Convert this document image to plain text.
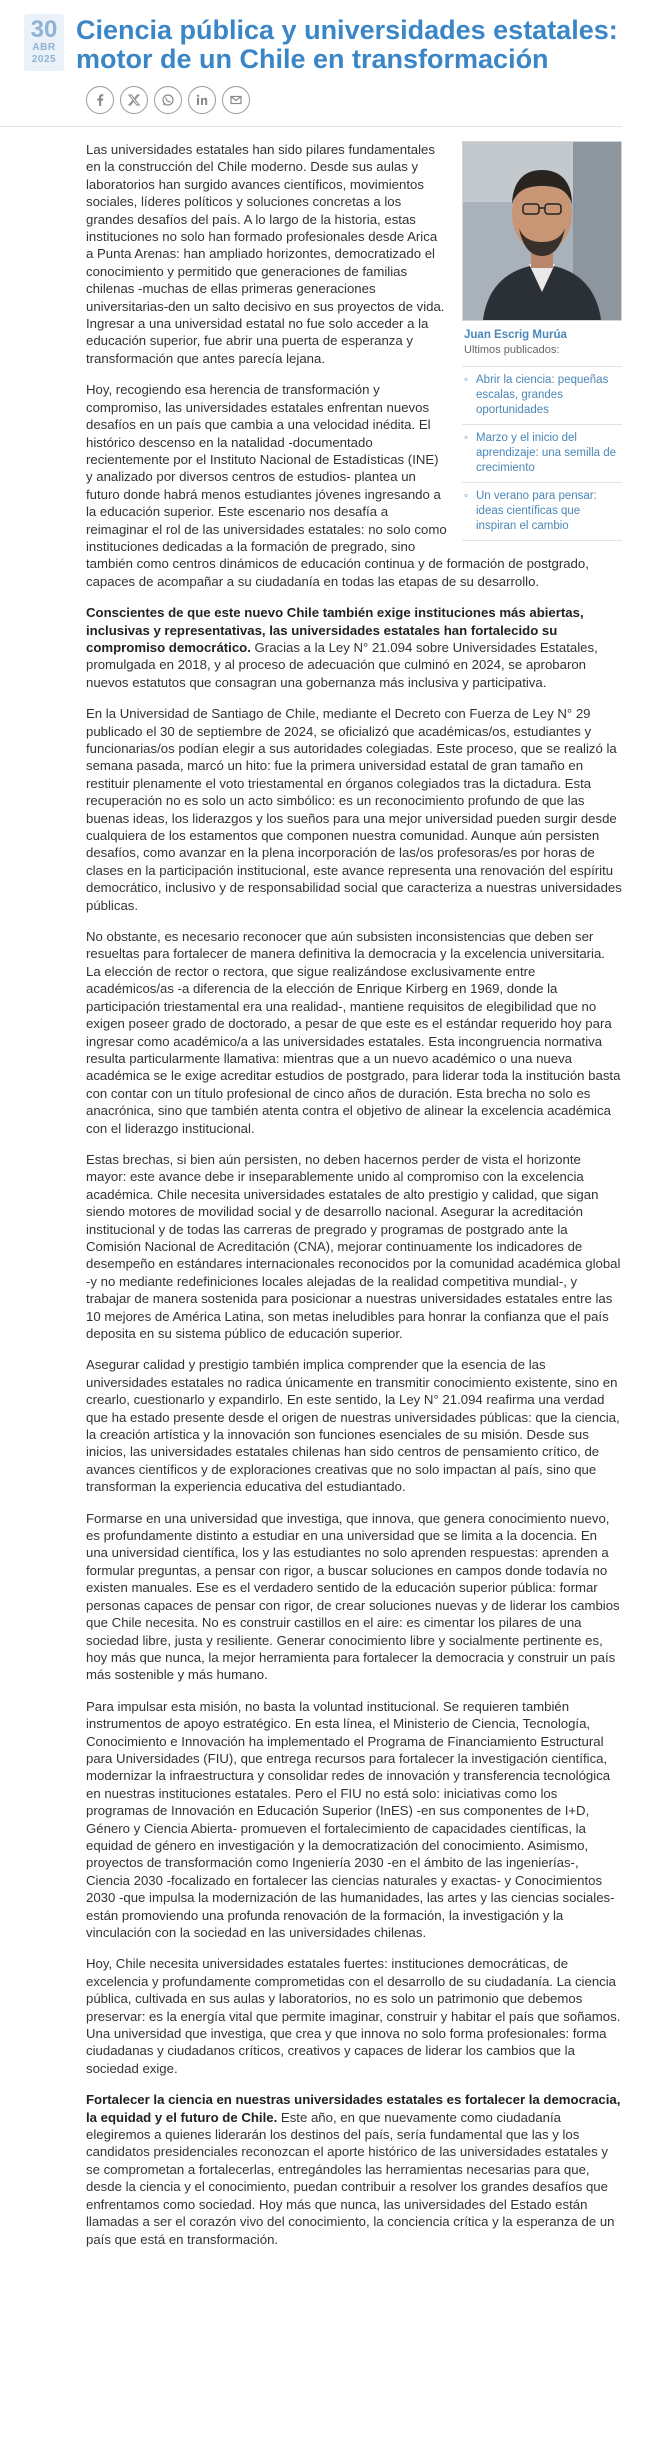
30
ABR
2025
Ciencia pública y universidades estatales: motor de un Chile en transformación
Juan Escrig Murúa
Ultimos publicados:
◦ Abrir la ciencia: pequeñas escalas, grandes oportunidades
◦ Marzo y el inicio del aprendizaje: una semilla de crecimiento
◦ Un verano para pensar: ideas científicas que inspiran el cambio

Las universidades estatales han sido pilares fundamentales en la construcción del Chile moderno. Desde sus aulas y laboratorios han surgido avances científicos, movimientos sociales, líderes políticos y soluciones concretas a los grandes desafíos del país. A lo largo de la historia, estas instituciones no solo han formado profesionales desde Arica a Punta Arenas: han ampliado horizontes, democratizado el conocimiento y permitido que generaciones de familias chilenas -muchas de ellas primeras generaciones universitarias-den un salto decisivo en sus proyectos de vida. Ingresar a una universidad estatal no fue solo acceder a la educación superior, fue abrir una puerta de esperanza y transformación que antes parecía lejana.

Hoy, recogiendo esa herencia de transformación y compromiso, las universidades estatales enfrentan nuevos desafíos en un país que cambia a una velocidad inédita. El histórico descenso en la natalidad -documentado recientemente por el Instituto Nacional de Estadísticas (INE) y analizado por diversos centros de estudios- plantea un futuro donde habrá menos estudiantes jóvenes ingresando a la educación superior. Este escenario nos desafía a reimaginar el rol de las universidades estatales: no solo como instituciones dedicadas a la formación de pregrado, sino también como centros dinámicos de educación continua y de formación de postgrado, capaces de acompañar a su ciudadanía en todas las etapas de su desarrollo.

Conscientes de que este nuevo Chile también exige instituciones más abiertas, inclusivas y representativas, las universidades estatales han fortalecido su compromiso democrático. Gracias a la Ley N° 21.094 sobre Universidades Estatales, promulgada en 2018, y al proceso de adecuación que culminó en 2024, se aprobaron nuevos estatutos que consagran una gobernanza más inclusiva y participativa.

En la Universidad de Santiago de Chile, mediante el Decreto con Fuerza de Ley N° 29 publicado el 30 de septiembre de 2024, se oficializó que académicas/os, estudiantes y funcionarias/os podían elegir a sus autoridades colegiadas. Este proceso, que se realizó la semana pasada, marcó un hito: fue la primera universidad estatal de gran tamaño en restituir plenamente el voto triestamental en órganos colegiados tras la dictadura. Esta recuperación no es solo un acto simbólico: es un reconocimiento profundo de que las buenas ideas, los liderazgos y los sueños para una mejor universidad pueden surgir desde cualquiera de los estamentos que componen nuestra comunidad. Aunque aún persisten desafíos, como avanzar en la plena incorporación de las/os profesoras/es por horas de clases en la participación institucional, este avance representa una renovación del espíritu democrático, inclusivo y de responsabilidad social que caracteriza a nuestras universidades públicas.

No obstante, es necesario reconocer que aún subsisten inconsistencias que deben ser resueltas para fortalecer de manera definitiva la democracia y la excelencia universitaria. La elección de rector o rectora, que sigue realizándose exclusivamente entre académicos/as -a diferencia de la elección de Enrique Kirberg en 1969, donde la participación triestamental era una realidad-, mantiene requisitos de elegibilidad que no exigen poseer grado de doctorado, a pesar de que este es el estándar requerido hoy para ingresar como académico/a a las universidades estatales. Esta incongruencia normativa resulta particularmente llamativa: mientras que a un nuevo académico o una nueva académica se le exige acreditar estudios de postgrado, para liderar toda la institución basta con contar con un título profesional de cinco años de duración. Esta brecha no solo es anacrónica, sino que también atenta contra el objetivo de alinear la excelencia académica con el liderazgo institucional.

Estas brechas, si bien aún persisten, no deben hacernos perder de vista el horizonte mayor: este avance debe ir inseparablemente unido al compromiso con la excelencia académica. Chile necesita universidades estatales de alto prestigio y calidad, que sigan siendo motores de movilidad social y de desarrollo nacional. Asegurar la acreditación institucional y de todas las carreras de pregrado y programas de postgrado ante la Comisión Nacional de Acreditación (CNA), mejorar continuamente los indicadores de desempeño en estándares internacionales reconocidos por la comunidad académica global -y no mediante redefiniciones locales alejadas de la realidad competitiva mundial-, y trabajar de manera sostenida para posicionar a nuestras universidades estatales entre las 10 mejores de América Latina, son metas ineludibles para honrar la confianza que el país deposita en su sistema público de educación superior.

Asegurar calidad y prestigio también implica comprender que la esencia de las universidades estatales no radica únicamente en transmitir conocimiento existente, sino en crearlo, cuestionarlo y expandirlo. En este sentido, la Ley N° 21.094 reafirma una verdad que ha estado presente desde el origen de nuestras universidades públicas: que la ciencia, la creación artística y la innovación son funciones esenciales de su misión. Desde sus inicios, las universidades estatales chilenas han sido centros de pensamiento crítico, de avances científicos y de exploraciones creativas que no solo impactan al país, sino que transforman la experiencia educativa del estudiantado.

Formarse en una universidad que investiga, que innova, que genera conocimiento nuevo, es profundamente distinto a estudiar en una universidad que se limita a la docencia. En una universidad científica, los y las estudiantes no solo aprenden respuestas: aprenden a formular preguntas, a pensar con rigor, a buscar soluciones en campos donde todavía no existen manuales. Ese es el verdadero sentido de la educación superior pública: formar personas capaces de pensar con rigor, de crear soluciones nuevas y de liderar los cambios que Chile necesita. No es construir castillos en el aire: es cimentar los pilares de una sociedad libre, justa y resiliente. Generar conocimiento libre y socialmente pertinente es, hoy más que nunca, la mejor herramienta para fortalecer la democracia y construir un país más sostenible y más humano.

Para impulsar esta misión, no basta la voluntad institucional. Se requieren también instrumentos de apoyo estratégico. En esta línea, el Ministerio de Ciencia, Tecnología, Conocimiento e Innovación ha implementado el Programa de Financiamiento Estructural para Universidades (FIU), que entrega recursos para fortalecer la investigación científica, modernizar la infraestructura y consolidar redes de innovación y transferencia tecnológica en nuestras instituciones estatales. Pero el FIU no está solo: iniciativas como los programas de Innovación en Educación Superior (InES) -en sus componentes de I+D, Género y Ciencia Abierta- promueven el fortalecimiento de capacidades científicas, la equidad de género en investigación y la democratización del conocimiento. Asimismo, proyectos de transformación como Ingeniería 2030 -en el ámbito de las ingenierías-, Ciencia 2030 -focalizado en fortalecer las ciencias naturales y exactas- y Conocimientos 2030 -que impulsa la modernización de las humanidades, las artes y las ciencias sociales- están promoviendo una profunda renovación de la formación, la investigación y la vinculación con la sociedad en las universidades chilenas.

Hoy, Chile necesita universidades estatales fuertes: instituciones democráticas, de excelencia y profundamente comprometidas con el desarrollo de su ciudadanía. La ciencia pública, cultivada en sus aulas y laboratorios, no es solo un patrimonio que debemos preservar: es la energía vital que permite imaginar, construir y habitar el país que soñamos. Una universidad que investiga, que crea y que innova no solo forma profesionales: forma ciudadanas y ciudadanos críticos, creativos y capaces de liderar los cambios que la sociedad exige.

Fortalecer la ciencia en nuestras universidades estatales es fortalecer la democracia, la equidad y el futuro de Chile. Este año, en que nuevamente como ciudadanía elegiremos a quienes liderarán los destinos del país, sería fundamental que las y los candidatos presidenciales reconozcan el aporte histórico de las universidades estatales y se comprometan a fortalecerlas, entregándoles las herramientas necesarias para que, desde la ciencia y el conocimiento, puedan contribuir a resolver los grandes desafíos que enfrentamos como sociedad. Hoy más que nunca, las universidades del Estado están llamadas a ser el corazón vivo del conocimiento, la conciencia crítica y la esperanza de un país que está en transformación.
